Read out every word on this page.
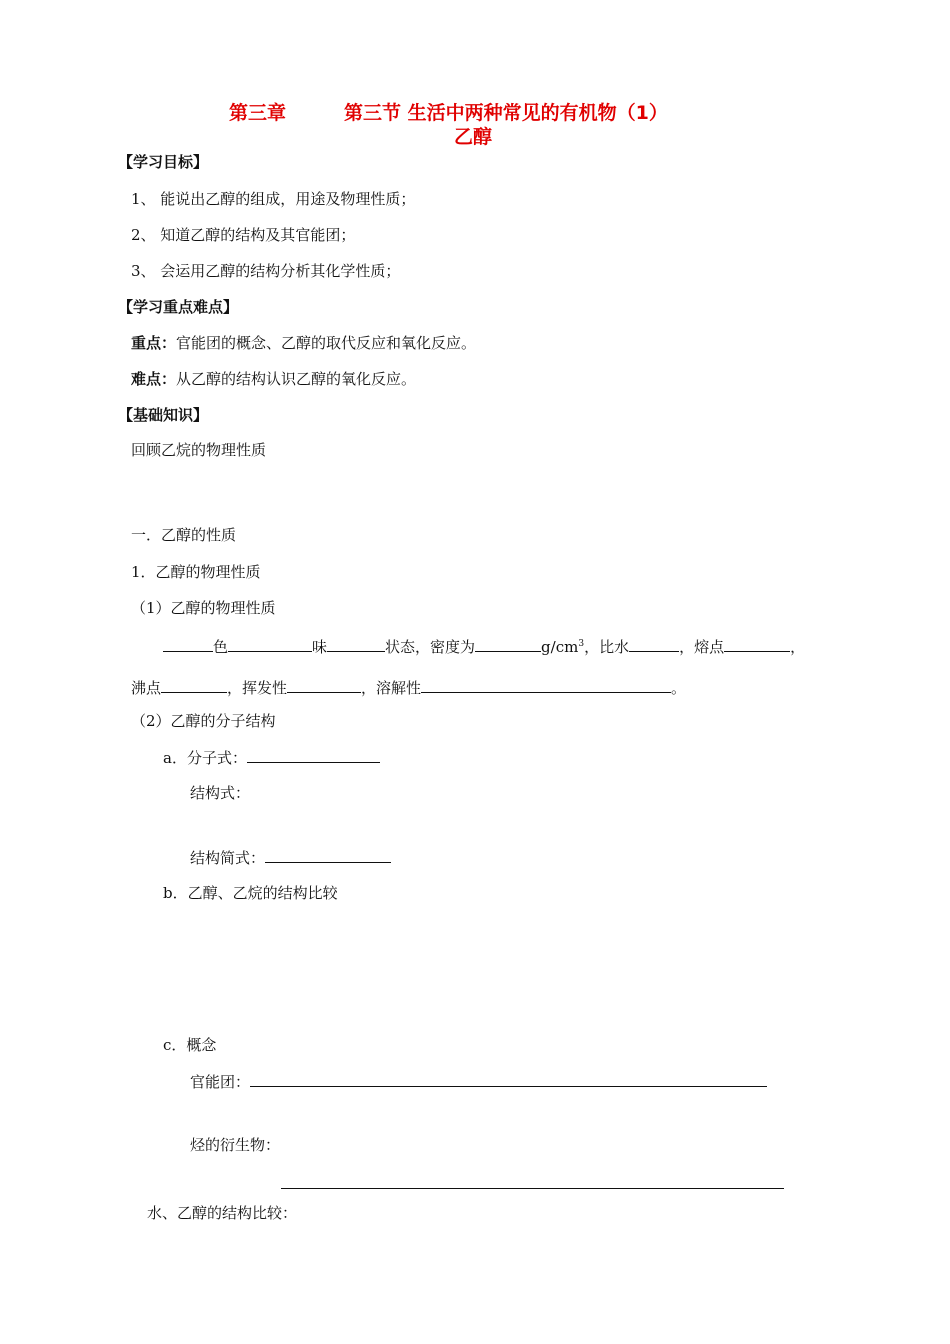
第三章	第三节 生活中两种常见的有机物（1）
乙醇
【学习目标】
1、 能说出乙醇的组成，用途及物理性质；
2、 知道乙醇的结构及其官能团；
3、 会运用乙醇的结构分析其化学性质；
【学习重点难点】
重点：官能团的概念、乙醇的取代反应和氧化反应。
难点：从乙醇的结构认识乙醇的氧化反应。
【基础知识】
回顾乙烷的物理性质
一．乙醇的性质
1．乙醇的物理性质
（1）乙醇的物理性质
色	味	状态，密度为	$g/cm^3$，比水	，熔点	，
沸点	，挥发性	，溶解性	。
（2）乙醇的分子结构
a．分子式：
结构式：
结构简式：
b．乙醇、乙烷的结构比较
c．概念
官能团：
烃的衍生物：
水、乙醇的结构比较：
